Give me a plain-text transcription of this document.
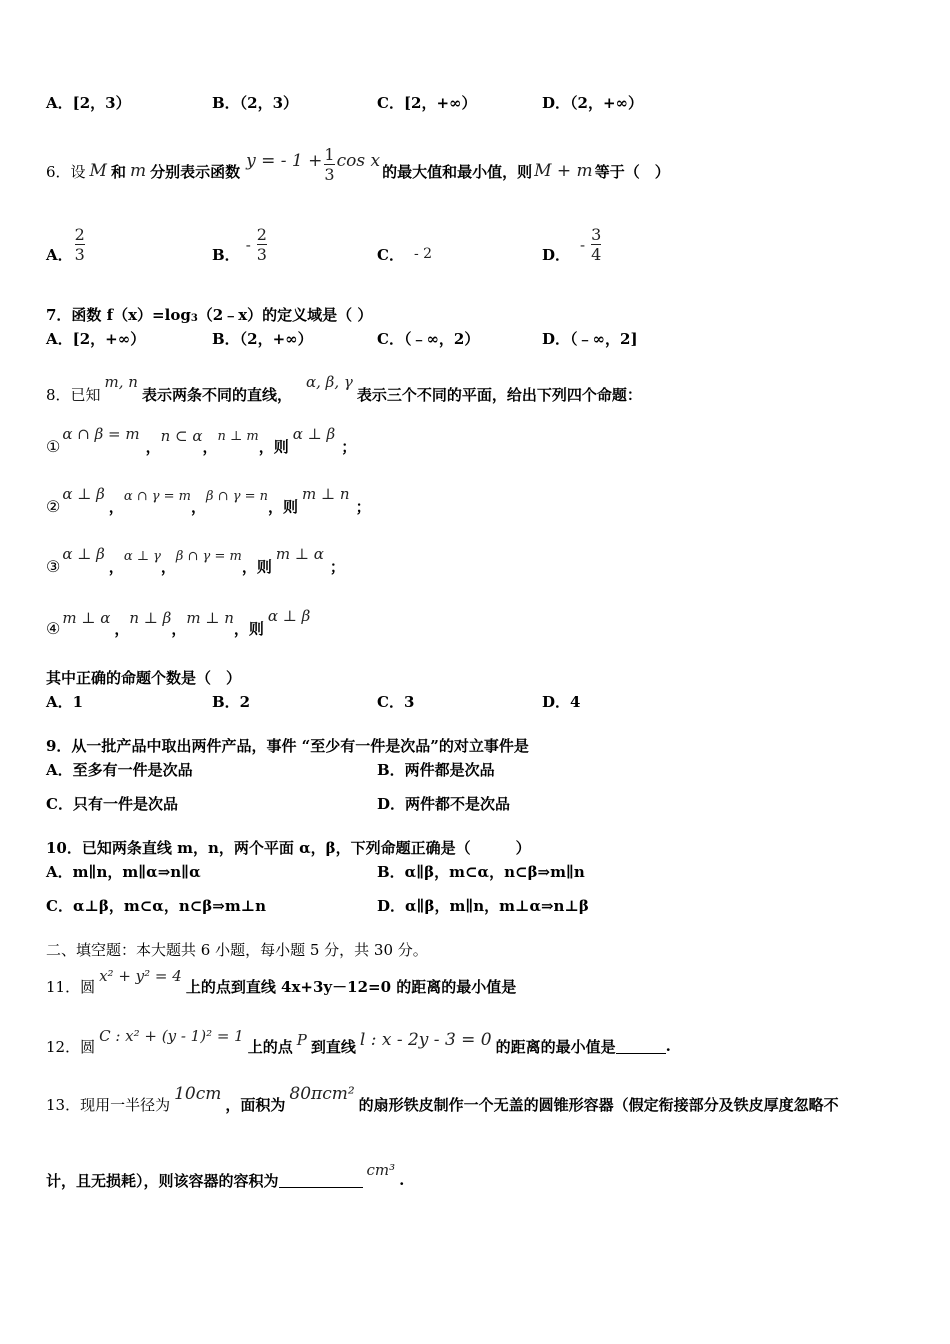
A．[2，3）	B．（2，3）	C．[2，+∞）	D．（2，+∞）
6．设 M 和 m 分别表示函数
y = - $1 + \frac{1}{3}$ cos x
的最大值和最小值，则 M + m 等于（　）
A． $\frac{2}{3}$	B．
- $\frac{2}{3}$	C． - 2	D．
- $\frac{3}{4}$
7．函数 f（x）=log 3 （2﹣x）的定义域是（ ）
A．[2，+∞）	B．（2，+∞）	C．（﹣∞，2）	D．（﹣∞，2]
8．已知
m, n
表示两条不同的直线，
α, β, γ
表示三个不同的平面，给出下列四个命题：
①
α ∩ β = m
，
n ⊂ α
，
n ⊥ m
，则
α ⊥ β
；
②
α ⊥ β
，
α ∩ γ = m
，
β ∩ γ = n
，则
m ⊥ n
；
③
α ⊥ β
，
α ⊥ γ
，
β ∩ γ = m
，则
m ⊥ α
；
④
m ⊥ α
，
n ⊥ β
，
m ⊥ n
，则
α ⊥ β
其中正确的命题个数是（　）
A．1	B．2	C．3	D．4
9．从一批产品中取出两件产品，事件 “至少有一件是次品”的对立事件是
A．至多有一件是次品	B．两件都是次品
C．只有一件是次品	D．两件都不是次品
10．已知两条直线 m，n，两个平面 α，β，下列命题正确是（　　　）
A．m∥n，m∥α⇒n∥α	B．α∥β，m⊂α，n⊂β⇒m∥n
C．α⊥β，m⊂α，n⊂β⇒m⊥n	D．α∥β，m∥n，m⊥α⇒n⊥β
二、填空题：本大题共 6 小题，每小题 5 分，共 30 分。
11．圆
x² + y² = 4
上的点到直线 4x+3y－12=0 的距离的最小值是
12．圆
C : x² + (y - 1)² = 1
上的点 P 到直线 l : x - 2y - 3 = 0 的距离的最小值是	.
13．现用一半径为
10cm
，面积为
80πcm²
的扇形铁皮制作一个无盖的圆锥形容器（假定衔接部分及铁皮厚度忽略不
计，且无损耗），则该容器的容积为
cm³
.
